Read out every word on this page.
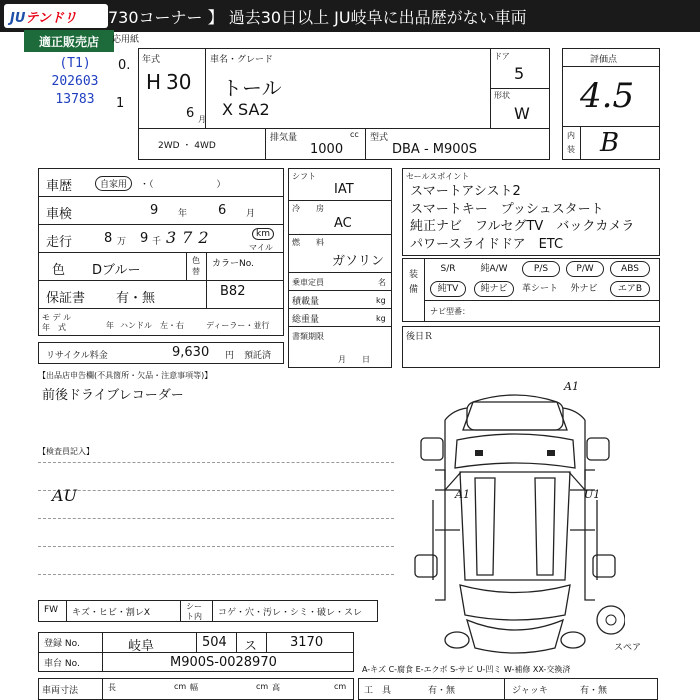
JUテンドリ	730コーナー 】 過去30日以上 JU岐阜に出品歴がない車両
適正販売店	応用紙
0.
1
(T1)
202603
13783
年式
H 30
6 月
車名・グレード
トール
X SA2
ドア
5
形状
W
2WD ・ 4WD
排気量	cc
1000
型式
DBA - M900S
評価点
4.5
内
装 B
車歴	自家用	・（　　　　　　　）
車検	9 年 6 月
走行 8 万 9 千 372	km
マイル
色 Dブルー
色
替
カラーNo.
B82
保証書 有・無
モ デ ル
年　式	年 ハンドル　左・右	ディーラー・並行
リサイクル料金	9,630 円 預託済
シフト
IAT
冷 房
AC
燃 料
ガソリン
乗車定員	名
積載量	kg
総重量	kg
書類期限
月　　日
セールスポイント
スマートアシスト2
スマートキー　プッシュスタート
純正ナビ　フルセグTV　バックカメラ
パワースライドドア　ETC
装
備
S/R	純A/W	P/S	P/W	ABS
純TV	純ナビ	革シート	外ナビ	エアB
ナビ型番：
後日Ｒ
【出品店申告欄(不具箇所・欠品・注意事項等)】
前後ドライブレコーダー
【検査員記入】
AU
A1
A1	U1
スペア
FW キズ・ヒビ・割レX
シー
ト内 コゲ・穴・汚レ・シミ・破レ・スレ
登録 No.	岐阜	504 ス	3170
車台 No.	M900S-0028970	A-キズ C-腐食 E-エクボ S-サビ U-凹ミ W-補修 XX-交換済
車両寸法	長	cm 幅	cm 高	cm 工　具	有・無	ジャッキ	有・無
